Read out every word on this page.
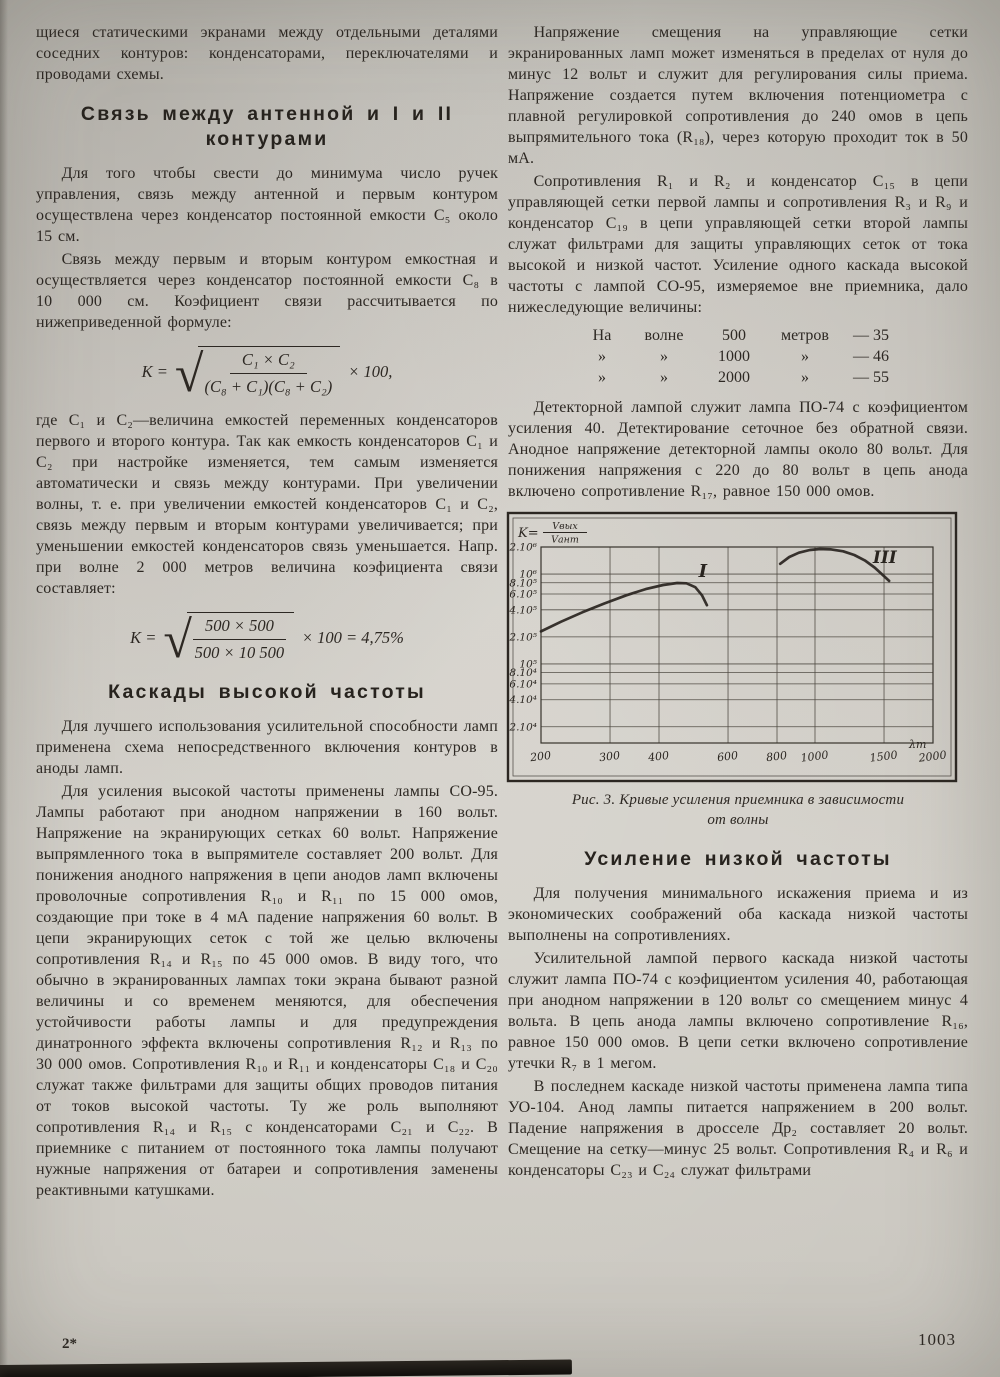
щиеся статическими экранами между отдельными деталями соседних контуров: конденсаторами, переключателями и проводами схемы.

Связь между антенной и I и II
контурами

Для того чтобы свести до минимума число ручек управления, связь между антенной и первым контуром осуществлена через конденсатор постоянной емкости C₅ около 15 см.

Связь между первым и вторым контуром емкостная и осуществляется через конденсатор постоянной емкости C₈ в 10 000 см. Коэфициент связи рассчитывается по нижеприведенной формуле:

K = √ $\frac{\text{C₁ × C₂}}{\text{(C₈ + C₁)(C₈ + C₂)}} \times 100$,

где C₁ и C₂—величина емкостей переменных конденсаторов первого и второго контура. Так как емкость конденсаторов C₁ и C₂ при настройке изменяется, тем самым изменяется автоматически и связь между контурами. При увеличении волны, т. е. при увеличении емкостей конденсаторов C₁ и C₂, связь между первым и вторым контурами увеличивается; при уменьшении емкостей конденсаторов связь уменьшается. Напр. при волне 2 000 метров величина коэфициента связи составляет:

K = √ $\frac{500 \times 500}{500 \times 10 500} \times 100 = 4,75\%$
Каскады высокой частоты

Для лучшего использования усилительной способности ламп применена схема непосредственного включения контуров в аноды ламп.

Для усиления высокой частоты применены лампы CO-95. Лампы работают при анодном напряжении в 160 вольт. Напряжение на экранирующих сетках 60 вольт. Напряжение выпрямленного тока в выпрямителе составляет 200 вольт. Для понижения анодного напряжения в цепи анодов ламп включены проволочные сопротивления R₁₀ и R₁₁ по 15 000 омов, создающие при токе в 4 мА падение напряжения 60 вольт. В цепи экранирующих сеток с той же целью включены сопротивления R₁₄ и R₁₅ по 45 000 омов. В виду того, что обычно в экранированных лампах токи экрана бывают разной величины и со временем меняются, для обеспечения устойчивости работы лампы и для предупреждения динатронного эффекта включены сопротивления R₁₂ и R₁₃ по 30 000 омов. Сопротивления R₁₀ и R₁₁ и конденсаторы C₁₈ и C₂₀ служат также фильтрами для защиты общих проводов питания от токов высокой частоты. Ту же роль выполняют сопротивления R₁₄ и R₁₅ с конденсаторами C₂₁ и C₂₂. В приемнике с питанием от постоянного тока лампы получают нужные напряжения от батареи и сопротивления заменены реактивными катушками.

Напряжение смещения на управляющие сетки экранированных ламп может изменяться в пределах от нуля до минус 12 вольт и служит для регулирования силы приема. Напряжение создается путем включения потенциометра с плавной регулировкой сопротивления до 240 омов в цепь выпрямительного тока (R₁₈), через которую проходит ток в 50 мА.

Сопротивления R₁ и R₂ и конденсатор C₁₅ в цепи управляющей сетки первой лампы и сопротивления R₃ и R₉ и конденсатор C₁₉ в цепи управляющей сетки второй лампы служат фильтрами для защиты управляющих сеток от тока высокой и низкой частот. Усиление одного каскада высокой частоты с лампой CO-95, измеряемое вне приемника, дало нижеследующие величины:

На	волне	500	метров	— 35
»	»	1000	»	— 46
»	»	2000	»	— 55

Детекторной лампой служит лампа ПО-74 с коэфициентом усиления 40. Детектирование сеточное без обратной связи. Анодное напряжение детекторной лампы около 80 вольт. Для понижения напряжения с 220 до 80 вольт в цепь анода включено сопротивление R₁₇, равное 150 000 омов.

200	300 400	600 800 1000	1500 2000
2.10⁶
10⁶
8.10⁵
6.10⁵
4.10⁵
2.10⁵
10⁵
8.10⁴
6.10⁴
4.10⁴
2.10⁴
λm
K= Vвых
Vант
I
III

Рис. 3. Кривые усиления приемника в зависимости
от волны

Усиление низкой частоты

Для получения минимального искажения приема и из экономических соображений оба каскада низкой частоты выполнены на сопротивлениях.

Усилительной лампой первого каскада низкой частоты служит лампа ПО-74 с коэфициентом усиления 40, работающая при анодном напряжении в 120 вольт со смещением минус 4 вольта. В цепь анода лампы включено сопротивление R₁₆, равное 150 000 омов. В цепи сетки включено сопротивление утечки R₇ в 1 мегом.

В последнем каскаде низкой частоты применена лампа типа УО-104. Анод лампы питается напряжением в 200 вольт. Падение напряжения в дросселе Др₂ составляет 20 вольт. Смещение на сетку—минус 25 вольт. Сопротивления R₄ и R₆ и конденсаторы C₂₃ и C₂₄ служат фильтрами

2*	1003
